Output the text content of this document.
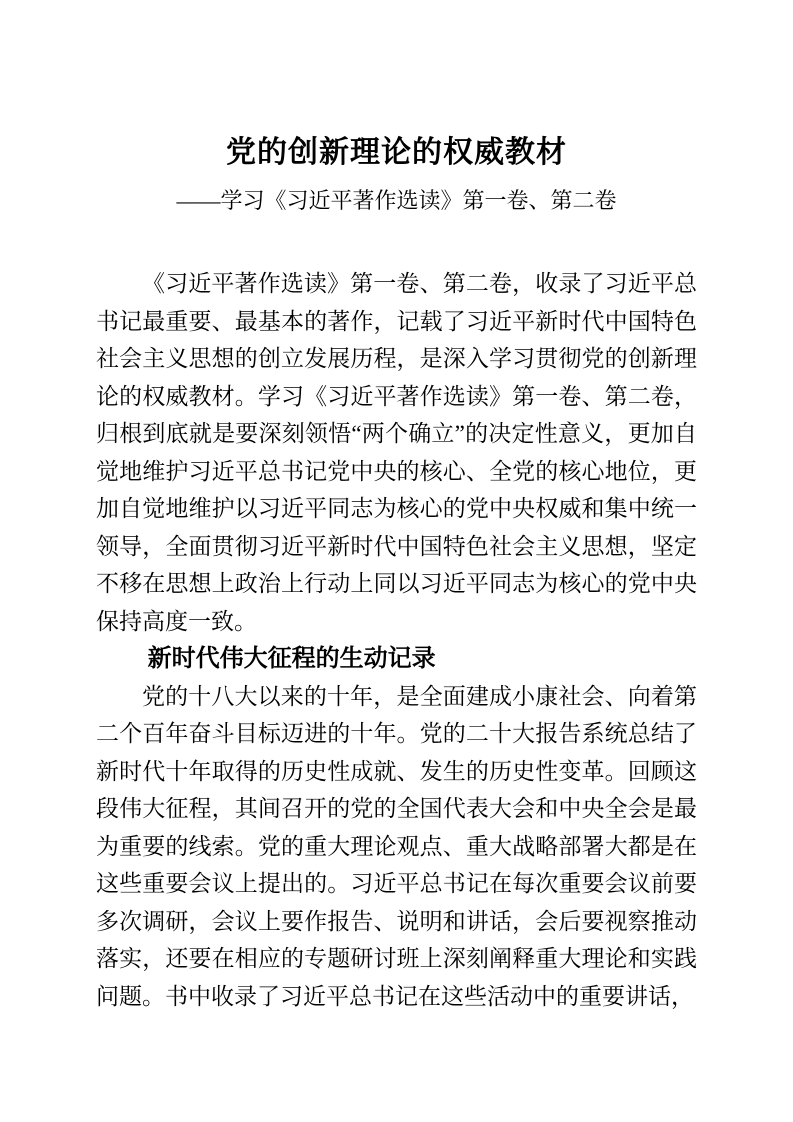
党的创新理论的权威教材
——学习《习近平著作选读》第一卷、第二卷

《习近平著作选读》第一卷、第二卷，收录了习近平总书记最重要、最基本的著作，记载了习近平新时代中国特色社会主义思想的创立发展历程，是深入学习贯彻党的创新理论的权威教材。学习《习近平著作选读》第一卷、第二卷，归根到底就是要深刻领悟“两个确立”的决定性意义，更加自觉地维护习近平总书记党中央的核心、全党的核心地位，更加自觉地维护以习近平同志为核心的党中央权威和集中统一领导，全面贯彻习近平新时代中国特色社会主义思想，坚定不移在思想上政治上行动上同以习近平同志为核心的党中央保持高度一致。

新时代伟大征程的生动记录

党的十八大以来的十年，是全面建成小康社会、向着第二个百年奋斗目标迈进的十年。党的二十大报告系统总结了新时代十年取得的历史性成就、发生的历史性变革。回顾这段伟大征程，其间召开的党的全国代表大会和中央全会是最为重要的线索。党的重大理论观点、重大战略部署大都是在这些重要会议上提出的。习近平总书记在每次重要会议前要多次调研，会议上要作报告、说明和讲话，会后要视察推动落实，还要在相应的专题研讨班上深刻阐释重大理论和实践问题。书中收录了习近平总书记在这些活动中的重要讲话，
